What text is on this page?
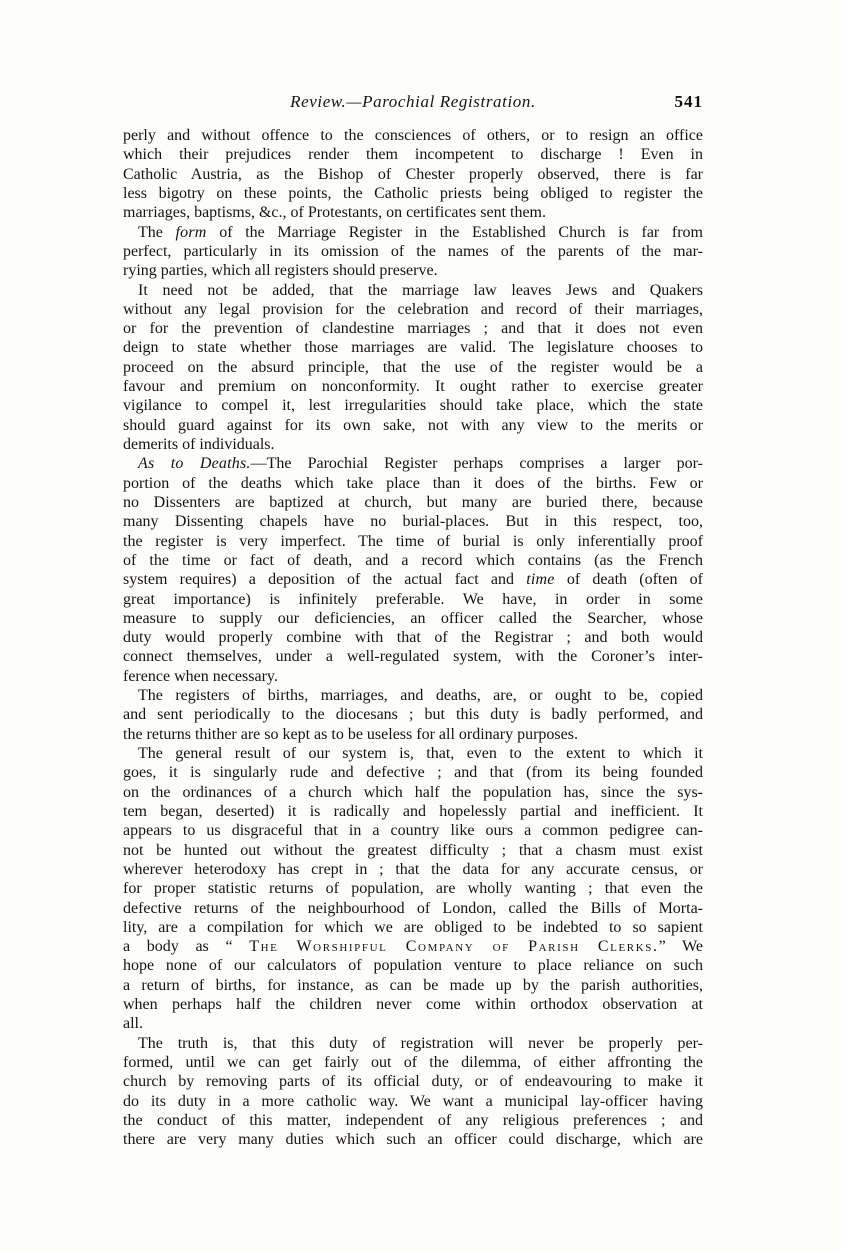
Review.—Parochial Registration.	541
perly and without offence to the consciences of others, or to resign an office
which their prejudices render them incompetent to discharge ! Even in
Catholic Austria, as the Bishop of Chester properly observed, there is far
less bigotry on these points, the Catholic priests being obliged to register the
marriages, baptisms, &c., of Protestants, on certificates sent them.
The form of the Marriage Register in the Established Church is far from
perfect, particularly in its omission of the names of the parents of the mar-
rying parties, which all registers should preserve.
It need not be added, that the marriage law leaves Jews and Quakers
without any legal provision for the celebration and record of their marriages,
or for the prevention of clandestine marriages ; and that it does not even
deign to state whether those marriages are valid. The legislature chooses to
proceed on the absurd principle, that the use of the register would be a
favour and premium on nonconformity. It ought rather to exercise greater
vigilance to compel it, lest irregularities should take place, which the state
should guard against for its own sake, not with any view to the merits or
demerits of individuals.
As to Deaths.—The Parochial Register perhaps comprises a larger por-
portion of the deaths which take place than it does of the births. Few or
no Dissenters are baptized at church, but many are buried there, because
many Dissenting chapels have no burial-places. But in this respect, too,
the register is very imperfect. The time of burial is only inferentially proof
of the time or fact of death, and a record which contains (as the French
system requires) a deposition of the actual fact and time of death (often of
great importance) is infinitely preferable. We have, in order in some
measure to supply our deficiencies, an officer called the Searcher, whose
duty would properly combine with that of the Registrar ; and both would
connect themselves, under a well-regulated system, with the Coroner’s inter-
ference when necessary.
The registers of births, marriages, and deaths, are, or ought to be, copied
and sent periodically to the diocesans ; but this duty is badly performed, and
the returns thither are so kept as to be useless for all ordinary purposes.
The general result of our system is, that, even to the extent to which it
goes, it is singularly rude and defective ; and that (from its being founded
on the ordinances of a church which half the population has, since the sys-
tem began, deserted) it is radically and hopelessly partial and inefficient. It
appears to us disgraceful that in a country like ours a common pedigree can-
not be hunted out without the greatest difficulty ; that a chasm must exist
wherever heterodoxy has crept in ; that the data for any accurate census, or
for proper statistic returns of population, are wholly wanting ; that even the
defective returns of the neighbourhood of London, called the Bills of Morta-
lity, are a compilation for which we are obliged to be indebted to so sapient
a body as “ The Worshipful Company of Parish Clerks.” We
hope none of our calculators of population venture to place reliance on such
a return of births, for instance, as can be made up by the parish authorities,
when perhaps half the children never come within orthodox observation at
all.
The truth is, that this duty of registration will never be properly per-
formed, until we can get fairly out of the dilemma, of either affronting the
church by removing parts of its official duty, or of endeavouring to make it
do its duty in a more catholic way. We want a municipal lay-officer having
the conduct of this matter, independent of any religious preferences ; and
there are very many duties which such an officer could discharge, which are
